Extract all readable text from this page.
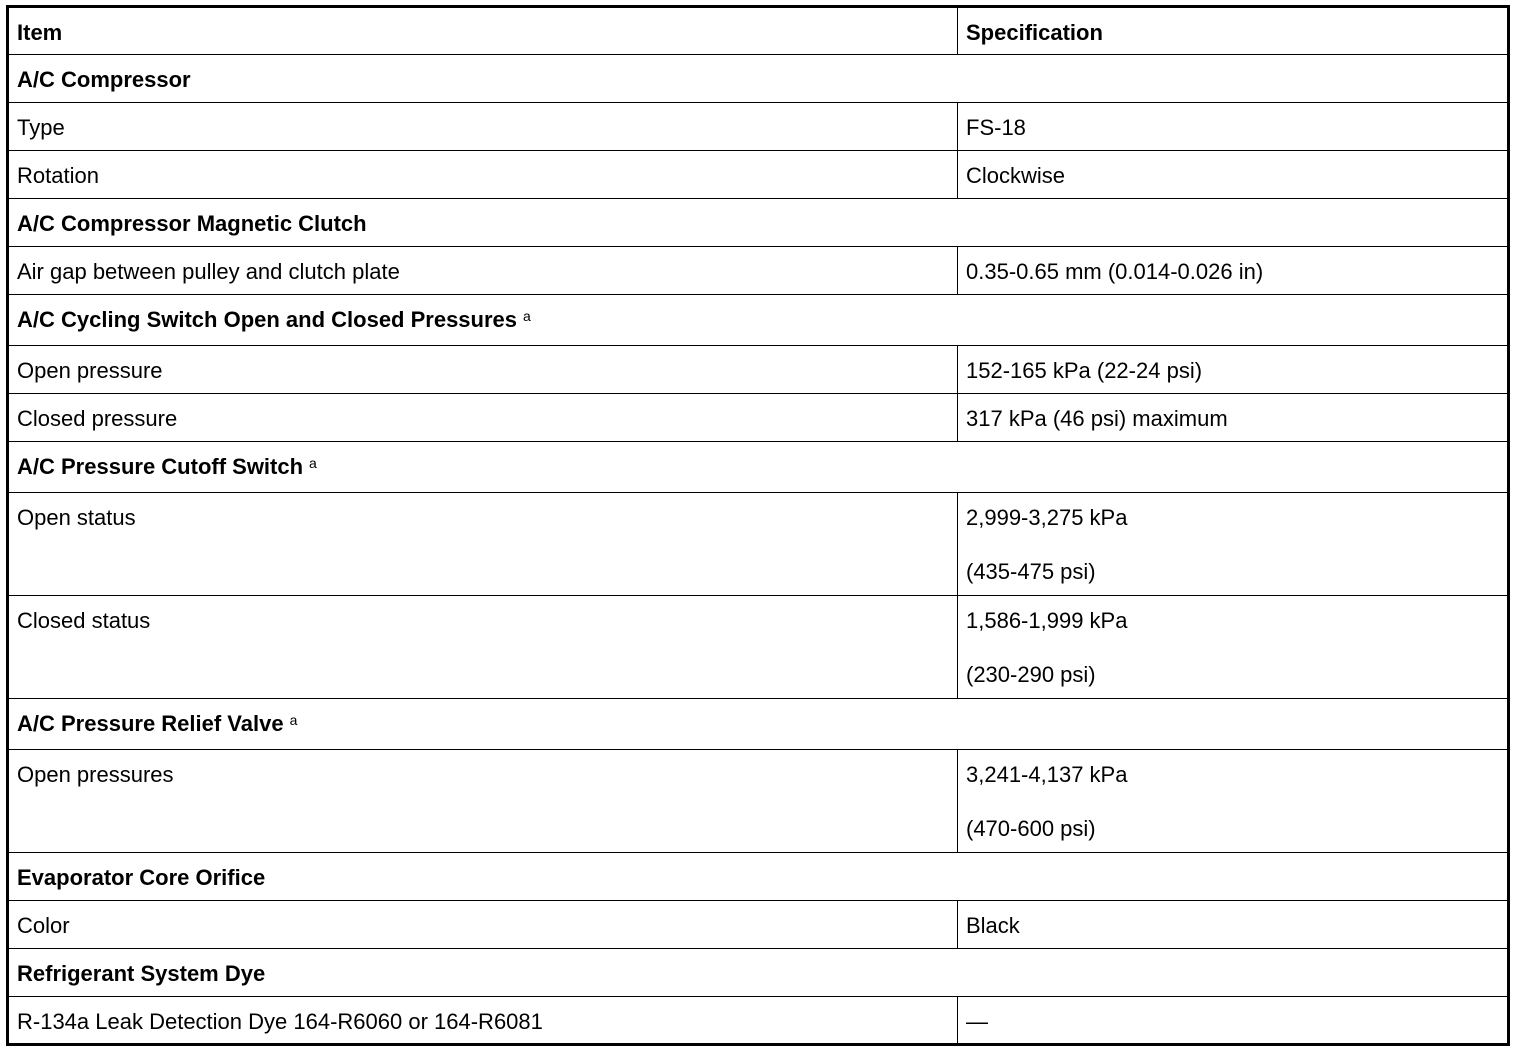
Item	Specification
A/C Compressor	
Type	FS-18
Rotation	Clockwise
A/C Compressor Magnetic Clutch	
Air gap between pulley and clutch plate	0.35-0.65 mm (0.014-0.026 in)
A/C Cycling Switch Open and Closed Pressures $^a$
Open pressure	152-165 kPa (22-24 psi)
Closed pressure	317 kPa (46 psi) maximum
A/C Pressure Cutoff Switch $^a$
Open status	2,999-3,275 kPa
(435-475 psi)

Closed status	1,586-1,999 kPa
(230-290 psi)

A/C Pressure Relief Valve $^a$
Open pressures	3,241-4,137 kPa
(470-600 psi)

Evaporator Core Orifice	
Color	Black
Refrigerant System Dye	
R-134a Leak Detection Dye 164-R6060 or 164-R6081	—
